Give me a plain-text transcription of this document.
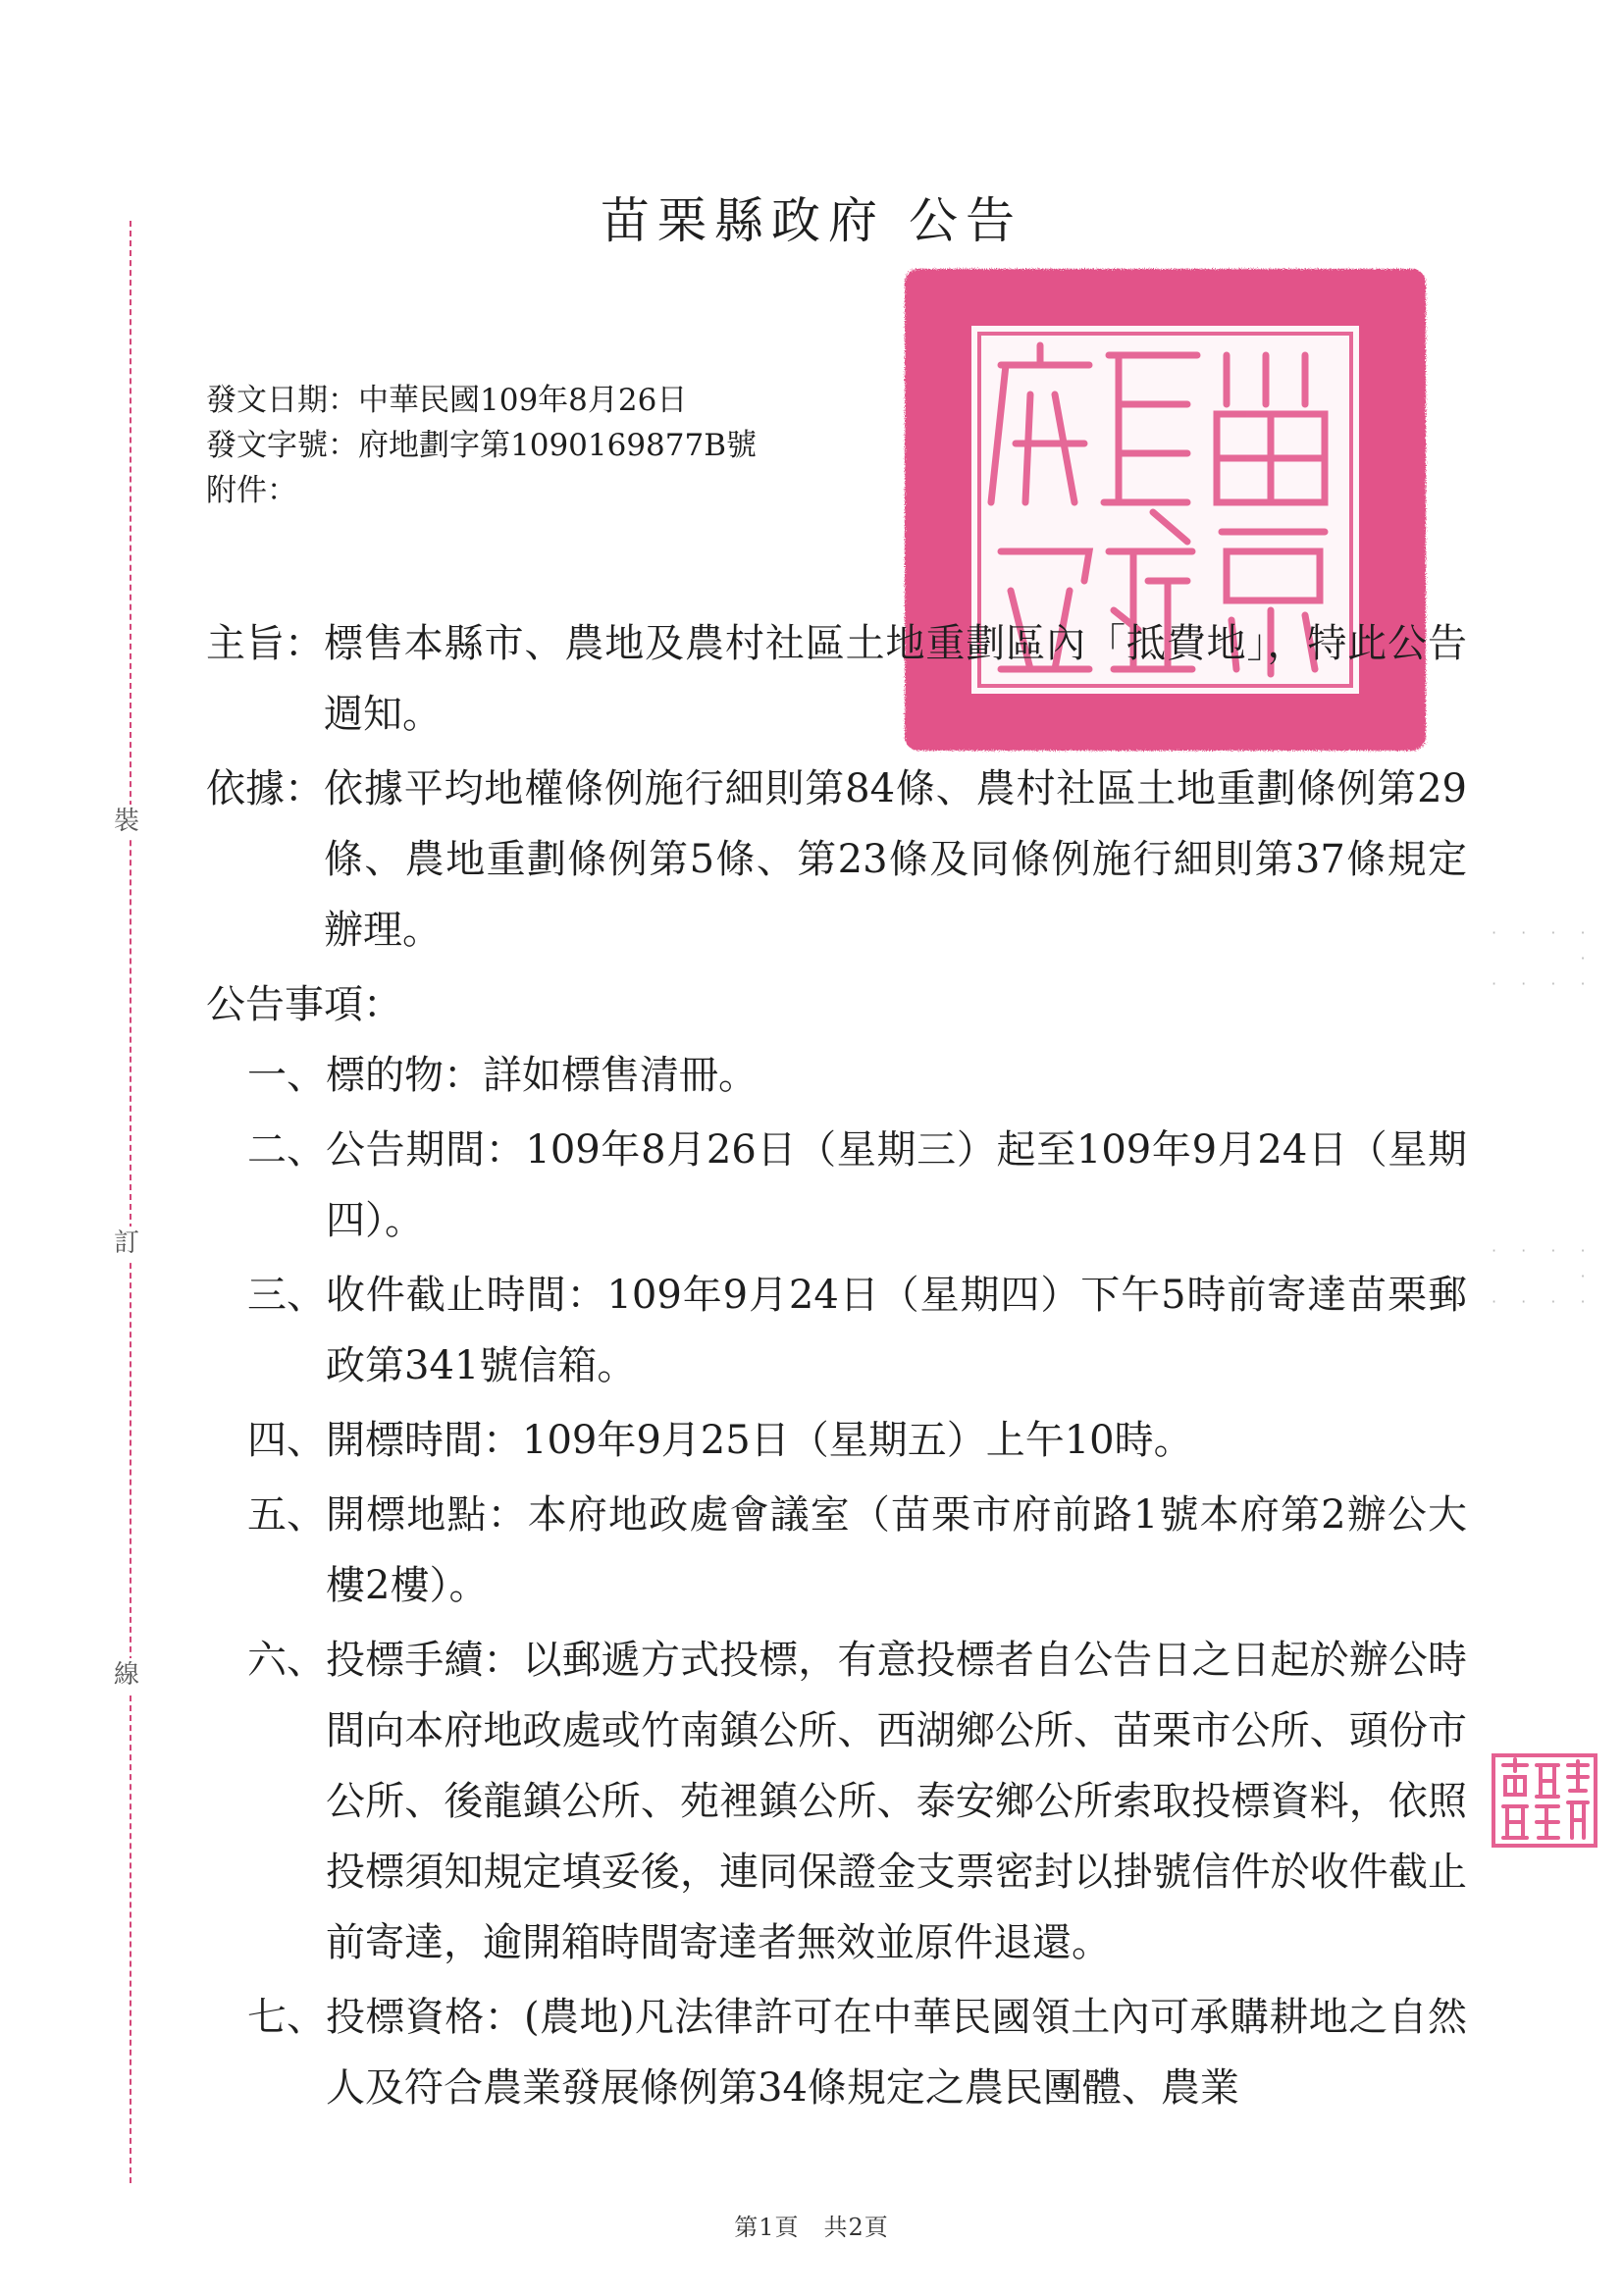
裝
訂
線
苗栗縣政府 公告
發文日期：中華民國109年8月26日
發文字號：府地劃字第1090169877B號
附件：
主旨： 標售本縣市、農地及農村社區土地重劃區內「抵費地」，特此公告週知。
依據： 依據平均地權條例施行細則第84條、農村社區土地重劃條例第29條、農地重劃條例第5條、第23條及同條例施行細則第37條規定辦理。
公告事項：
一、 標的物：詳如標售清冊。
二、 公告期間：109年8月26日（星期三）起至109年9月24日（星期四）。
三、 收件截止時間：109年9月24日（星期四）下午5時前寄達苗栗郵政第341號信箱。
四、 開標時間：109年9月25日（星期五）上午10時。
五、 開標地點：本府地政處會議室（苗栗市府前路1號本府第2辦公大樓2樓）。
六、 投標手續：以郵遞方式投標，有意投標者自公告日之日起於辦公時間向本府地政處或竹南鎮公所、西湖鄉公所、苗栗市公所、頭份市公所、後龍鎮公所、苑裡鎮公所、泰安鄉公所索取投標資料，依照投標須知規定填妥後，連同保證金支票密封以掛號信件於收件截止前寄達，逾開箱時間寄達者無效並原件退還。
七、 投標資格：(農地)凡法律許可在中華民國領土內可承購耕地之自然人及符合農業發展條例第34條規定之農民團體、農業
· · · ·
·
· · · ·
· · · ·
·
· · · ·
第1頁　共2頁
